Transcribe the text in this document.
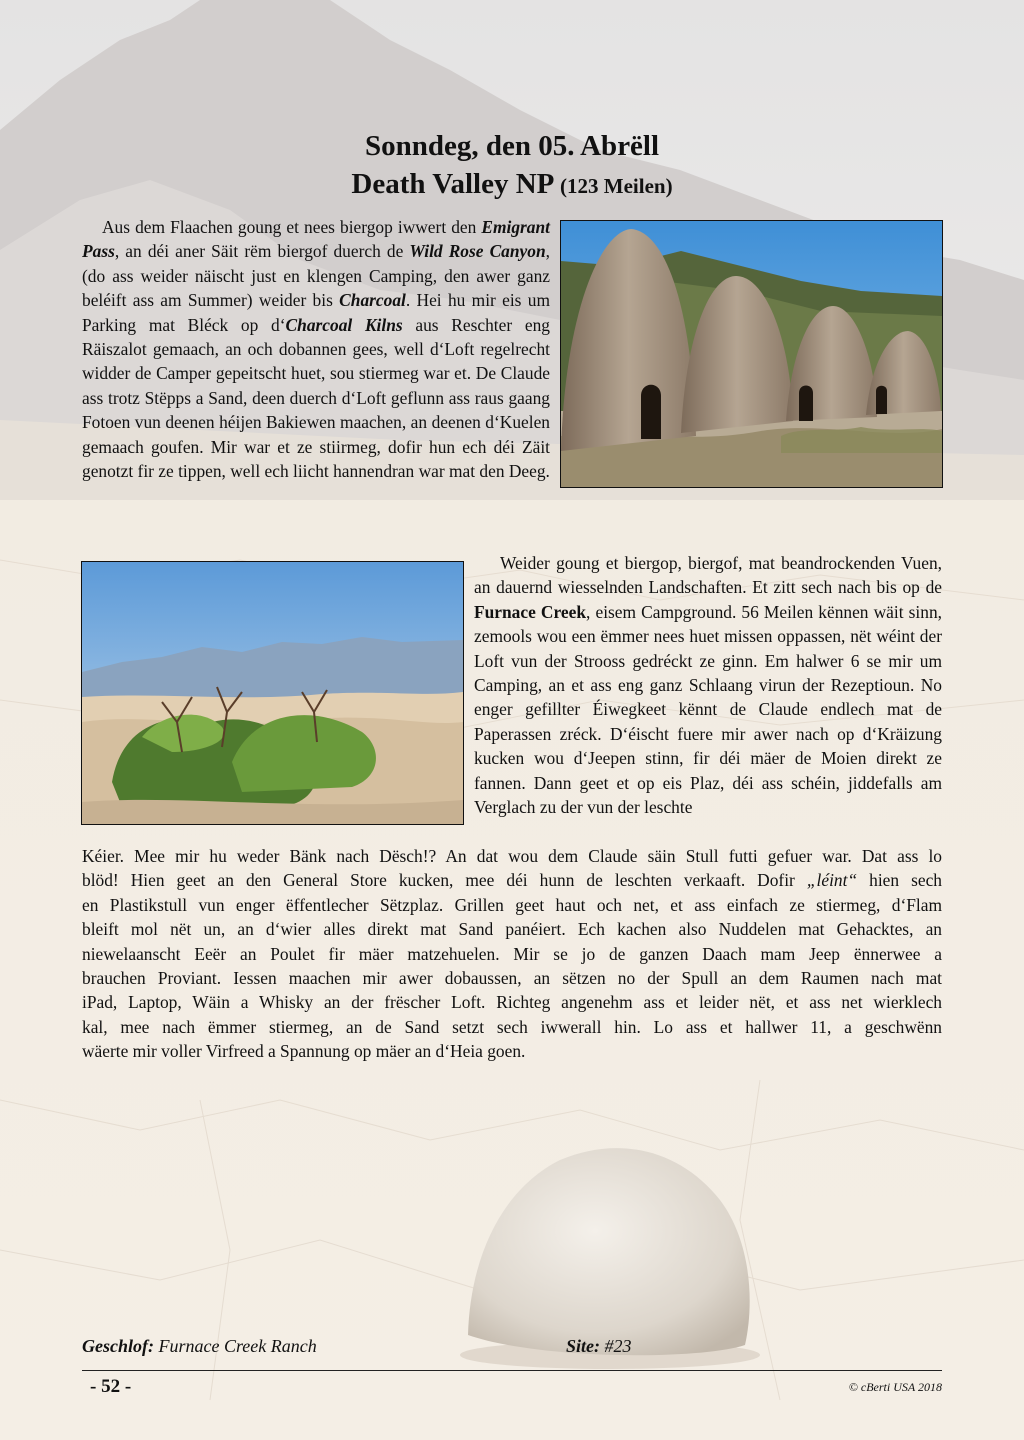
Sonndeg, den 05. Abrëll
Death Valley NP (123 Meilen)

Aus dem Flaachen goung et nees biergop iwwert den Emigrant Pass, an déi aner Säit rëm biergof duerch de Wild Rose Canyon, (do ass weider näischt just en klengen Camping, den awer ganz beléift ass am Summer) weider bis Charcoal. Hei hu mir eis um Parking mat Bléck op d‘Charcoal Kilns aus Reschter eng Räiszalot gemaach, an och dobannen gees, well d‘Loft regelrecht widder de Camper gepeitscht huet, sou stiermeg war et. De Claude ass trotz Stëpps a Sand, deen duerch d‘Loft geflunn ass raus gaang Fotoen vun deenen héijen Bakiewen maachen, an deenen d‘Kuelen gemaach goufen. Mir war et ze stiirmeg, dofir hun ech déi Zäit genotzt fir ze tippen, well ech liicht hannendran war mat den Deeg.

Weider goung et biergop, biergof, mat beandrockenden Vuen, an dauernd wiesselnden Landschaften. Et zitt sech nach bis op de Furnace Creek, eisem Campground. 56 Meilen kënnen wäit sinn, zemools wou een ëmmer nees huet missen oppassen, nët wéint der Loft vun der Strooss gedréckt ze ginn. Em halwer 6 se mir um Camping, an et ass eng ganz Schlaang virun der Rezeptioun. No enger gefillter Éiwegkeet kënnt de Claude endlech mat de Paperassen zréck. D‘éischt fuere mir awer nach op d‘Kräizung kucken wou d‘Jeepen stinn, fir déi mäer de Moien direkt ze fannen. Dann geet et op eis Plaz, déi ass schéin, jiddefalls am Verglach zu der vun der leschte

Kéier. Mee mir hu weder Bänk nach Dësch!? An dat wou dem Claude säin Stull futti gefuer war. Dat ass lo
blöd! Hien geet an den General Store kucken, mee déi hunn de leschten verkaaft. Dofir „léint“ hien sech
en Plastikstull vun enger ëffentlecher Sëtzplaz. Grillen geet haut och net, et ass einfach ze stiermeg, d‘Flam
bleift mol nët un, an d‘wier alles direkt mat Sand panéiert. Ech kachen also Nuddelen mat Gehacktes, an
niewelaanscht Eeër an Poulet fir mäer matzehuelen. Mir se jo de ganzen Daach mam Jeep ënnerwee a
brauchen Proviant. Iessen maachen mir awer dobaussen, an sëtzen no der Spull an dem Raumen nach mat
iPad, Laptop, Wäin a Whisky an der frëscher Loft. Richteg angenehm ass et leider nët, et ass net wierklech
kal, mee nach ëmmer stiermeg, an de Sand setzt sech iwwerall hin. Lo ass et hallwer 11, a geschwënn
wäerte mir voller Virfreed a Spannung op mäer an d‘Heia goen.
Geschlof: Furnace Creek Ranch	Site: #23
- 52 -	© cBerti USA 2018
